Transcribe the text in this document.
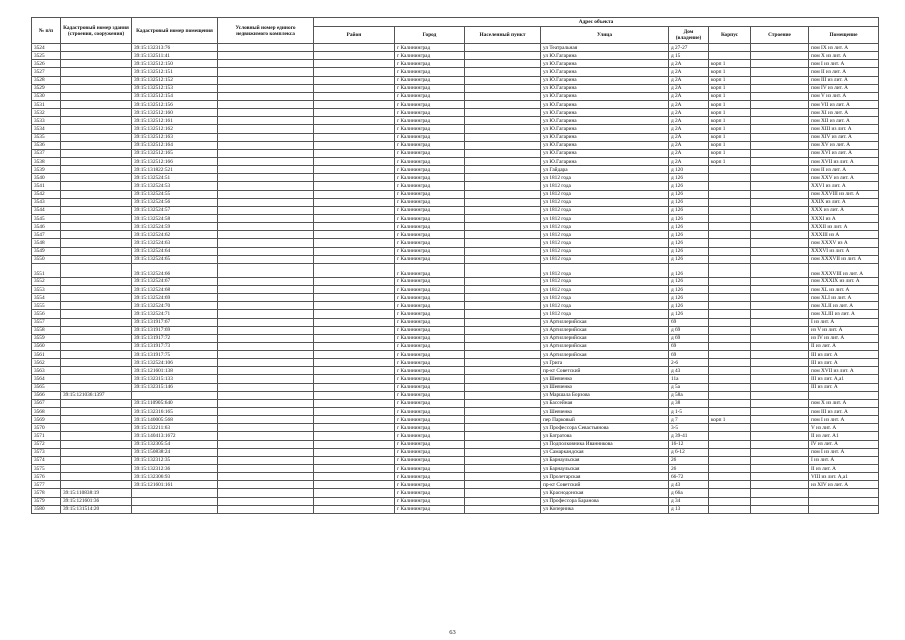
№ п/п	Кадастровый номер здания (строения, сооружения)	Кадастровый номер помещения	Условный номер единого недвижимого комплекса	Адрес объекта							
				Район	Город	Населенный пункт	Улица	Дом (владение)	Корпус	Строение	Помещение
3524		39:15:132313:76			г Калининград		ул Театральная	д 27-27			пом IX из лит. А
3525		39:15:132511:41			г Калининград		ул Ю.Гагарина	д 15			пом X из лит. А
3526		39:15:132512:150			г Калининград		ул Ю.Гагарина	д 2А	корп 1		пом I из лит. А
3527		39:15:132512:151			г Калининград		ул Ю.Гагарина	д 2А	корп 1		пом II из лит. А
3528		39:15:132512:152			г Калининград		ул Ю.Гагарина	д 2А	корп 1		пом III из лит. А
3529		39:15:132512:153			г Калининград		ул Ю.Гагарина	д 2А	корп 1		пом IV из лит. А
3530		39:15:132512:154			г Калининград		ул Ю.Гагарина	д 2А	корп 1		пом V из лит. А
3531		39:15:132512:156			г Калининград		ул Ю.Гагарина	д 2А	корп 1		пом VII из лит. А
3532		39:15:132512:160			г Калининград		ул Ю.Гагарина	д 2А	корп 1		пом XI из лит. А
3533		39:15:132512:161			г Калининград		ул Ю.Гагарина	д 2А	корп 1		пом XII из лит. А
3534		39:15:132512:162			г Калининград		ул Ю.Гагарина	д 2А	корп 1		пом XIII из лит. А
3535		39:15:132512:163			г Калининград		ул Ю.Гагарина	д 2А	корп 1		пом XIV из лит. А
3536		39:15:132512:164			г Калининград		ул Ю.Гагарина	д 2А	корп 1		пом XV из лит. А
3537		39:15:132512:165			г Калининград		ул Ю.Гагарина	д 2А	корп 1		пом XVI из лит. А
3538		39:15:132512:166			г Калининград		ул Ю.Гагарина	д 2А	корп 1		пом XVII из лит. А
3539		39:15:131822:521			г Калининград		ул Гайдара	д 120			пом II из лит. А
3540		39:15:132524:51			г Калининград		ул 1812 года	д 126			пом XXV из лит. А
3541		39:15:132524:53			г Калининград		ул 1812 года	д 126			XXVI из лит. А
3542		39:15:132524:55			г Калининград		ул 1812 года	д 126			пом XXVIII из лит. А
3543		39:15:132524:56			г Калининград		ул 1812 года	д 126			XXIX из лит. А
3544		39:15:132524:57			г Калининград		ул 1812 года	д 126			XXX из лит. А
3545		39:15:132524:58			г Калининград		ул 1812 года	д 126			XXXI из А
3546		39:15:132524:59			г Калининград		ул 1812 года	д 126			XXXII из лит. А
3547		39:15:132524:62			г Калининград		ул 1812 года	д 126			XXXIII из А
3548		39:15:132524:63			г Калининград		ул 1812 года	д 126			пом XXXV из А
3549		39:15:132524:64			г Калининград		ул 1812 года	д 126			XXXVI из лит. А
3550		39:15:132524:65			г Калининград		ул 1812 года	д 126			пом XXXVII из лит. А
3551		39:15:132524:66			г Калининград		ул 1812 года	д 126			пом XXXVIII из лит. А
3552		39:15:132524:67			г Калининград		ул 1812 года	д 126			пом XXXIX из лит. А
3553		39:15:132524:68			г Калининград		ул 1812 года	д 126			пом XL из лит. А
3554		39:15:132524:69			г Калининград		ул 1812 года	д 126			пом XLI из лит. А
3555		39:15:132524:70			г Калининград		ул 1812 года	д 126			пом XLII из лит. А
3556		39:15:132524:71			г Калининград		ул 1812 года	д 126			пом XLIII из лит. А
3557		39:15:131917:67			г Калининград		ул Артиллерийская	69			I из лит. А
3558		39:15:131917:69			г Калининград		ул Артиллерийская	д 69			из V из лит. А
3559		39:15:131917:72			г Калининград		ул Артиллерийская	д 69			из IV из лит. А
3560		39:15:131917:73			г Калининград		ул Артиллерийская	69			II из лит. А
3561		39:15:131917:75			г Калининград		ул Артиллерийская	69			III из лит. А
3562		39:15:132524:106			г Калининград		ул Грига	2-6			III из лит. А
3563		39:15:121601:138			г Калининград		пр-кт Советский	д 43			пом XVII из лит. А
3564		39:15:132315:133			г Калининград		ул Шевченко	11а			III из лит. А,а1
3565		39:15:132315:146			г Калининград		ул Шевченко	д 5а			III из лит. А
3566	39:15:121036:1397				г Калининград		ул Маршала Борзова	д 58а			
3567		39:15:110905:640			г Калининград		ул Бассейная	д 38			пом X из лит. А
3568		39:15:132316:165			г Калининград		ул Шевченко	д 1-5			пом III из лит. А
3569		39:15:140005:568			г Калининград		пер Парковый	д 7	корп 1		пом I из лит. А
3570		39:15:132211:63			г Калининград		ул Профессора Севастьянова	3-5			V из лит. А
3571		39:15:140413:1672			г Калининград		ул Батратова	д 39-41			II из лит. А1
3572		39:15:132305:54			г Калининград		ул Подполковника Иванникова	16-12			IV из лит. А
3573		39:15:150838:24			г Калининград		ул Самаркандская	д 6-12			пом I из лит. А
3574		39:15:132312:35			г Калининград		ул Барнаульская	26			I из лит. А
3575		39:15:132312:36			г Калининград		ул Барнаульская	26			II из лит. А
3576		39:15:132306:93			г Калининград		ул Пролетарская	66-72			VIII из лит. А,а1
3577		39:15:121601:161			г Калининград		пр-кт Советский	д 43			из XIV из лит. А
3578	39:15:110838:19				г Калининград		ул Краснодонская	д 66а			
3579	39:15:121601:36				г Калининград		ул Профессора Баранова	д 34			
3580	39:15:131514:20				г Калининград		ул Коперника	д 13			
63
